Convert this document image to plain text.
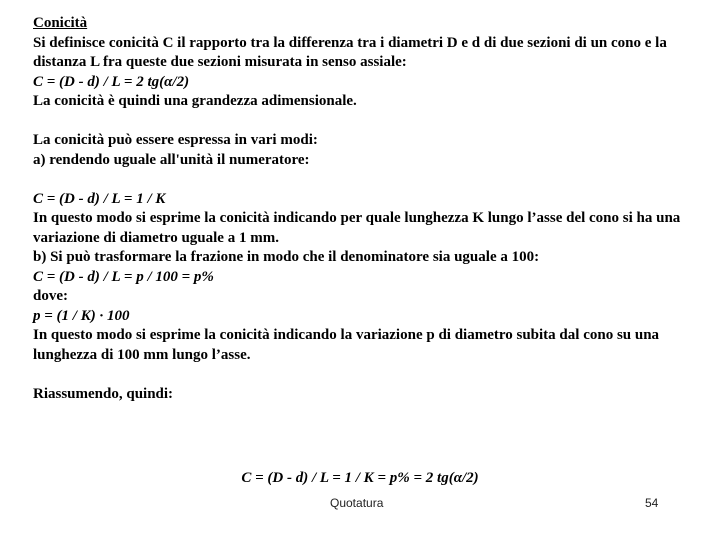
Conicità

Si definisce conicità C il rapporto tra la differenza tra i diametri D e d di due sezioni di un cono e la distanza L fra queste due sezioni misurata in senso assiale:

C = (D - d) / L = 2 tg(α/2)

La conicità è quindi una grandezza adimensionale.

La conicità può essere espressa in vari modi:

a) rendendo uguale all'unità il numeratore:

C = (D - d) / L = 1 / K

In questo modo si esprime la conicità indicando per quale lunghezza K lungo l’asse del cono si ha una variazione di diametro uguale a 1 mm.

b) Si può trasformare la frazione in modo che il denominatore sia uguale a 100:

C = (D - d) / L = p / 100 = p%

dove:

p = (1 / K) · 100

In questo modo si esprime la conicità indicando la variazione p di diametro subita dal cono su una lunghezza di 100 mm lungo l’asse.

Riassumendo, quindi:

C = (D - d) / L = 1 / K = p% = 2 tg(α/2)
Quotatura	54
